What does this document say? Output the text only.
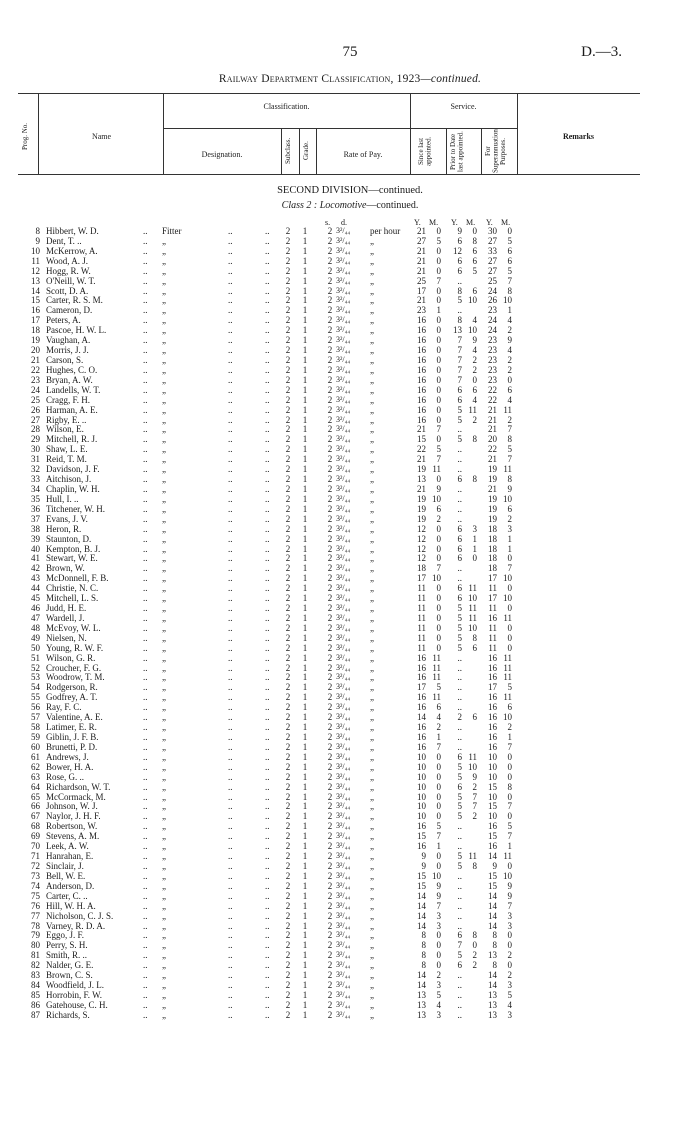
75	D.—3.
Railway Department Classification, 1923—continued.
Prog. No.	Name
Classification.
Designation.	Subclass.	Grade.	Rate of Pay.
Service.
Since last appointed.	Prior to Date last appointed.	For Superannuation Purposes.
Remarks
SECOND DIVISION—continued.
Class 2 : Locomotive—continued.
s. d.	Y. M. Y. M. Y. M.
8 Hibbert, W. D.	.. Fitter	..	..	2	1	2 3²/₄₄ per hour	21	0	9	0	30	0
9 Dent, T. ..	.. „	..	..	2	1	2 3²/₄₄ „	27	5	6	8	27	5
10 McKerrow, A.	.. „	..	..	2	1	2 3²/₄₄ „	21	0	12	6	33	6
11 Wood, A. J.	.. „	..	..	2	1	2 3²/₄₄ „	21	0	6	6	27	6
12 Hogg, R. W.	.. „	..	..	2	1	2 3²/₄₄ „	21	0	6	5	27	5
13 O'Neill, W. T.	.. „	..	..	2	1	2 3²/₄₄ „	25	7	..	25	7
14 Scott, D. A.	.. „	..	..	2	1	2 3²/₄₄ „	17	0	8	6	24	8
15 Carter, R. S. M.	.. „	..	..	2	1	2 3²/₄₄ „	21	0	5 10	26 10
16 Cameron, D.	.. „	..	..	2	1	2 3²/₄₄ „	23	1	..	23	1
17 Peters, A.	.. „	..	..	2	1	2 3²/₄₄ „	16	0	8	4	24	4
18 Pascoe, H. W. L.	.. „	..	..	2	1	2 3²/₄₄ „	16	0	13 10	24	2
19 Vaughan, A.	.. „	..	..	2	1	2 3²/₄₄ „	16	0	7	9	23	9
20 Morris, J. J.	.. „	..	..	2	1	2 3²/₄₄ „	16	0	7	4	23	4
21 Carson, S.	.. „	..	..	2	1	2 3²/₄₄ „	16	0	7	2	23	2
22 Hughes, C. O.	.. „	..	..	2	1	2 3²/₄₄ „	16	0	7	2	23	2
23 Bryan, A. W.	.. „	..	..	2	1	2 3²/₄₄ „	16	0	7	0	23	0
24 Landells, W. T.	.. „	..	..	2	1	2 3²/₄₄ „	16	0	6	6	22	6
25 Cragg, F. H.	.. „	..	..	2	1	2 3²/₄₄ „	16	0	6	4	22	4
26 Harman, A. E.	.. „	..	..	2	1	2 3²/₄₄ „	16	0	5 11	21 11
27 Rigby, E. ..	.. „	..	..	2	1	2 3²/₄₄ „	16	0	5	2	21	2
28 Wilson, E.	.. „	..	..	2	1	2 3²/₄₄ „	21	7	..	21	7
29 Mitchell, R. J.	.. „	..	..	2	1	2 3²/₄₄ „	15	0	5	8	20	8
30 Shaw, L. E.	.. „	..	..	2	1	2 3²/₄₄ „	22	5	..	22	5
31 Reid, T. M.	.. „	..	..	2	1	2 3²/₄₄ „	21	7	..	21	7
32 Davidson, J. F.	.. „	..	..	2	1	2 3²/₄₄ „	19 11	..	19 11
33 Aitchison, J.	.. „	..	..	2	1	2 3²/₄₄ „	13	0	6	8	19	8
34 Chaplin, W. H.	.. „	..	..	2	1	2 3²/₄₄ „	21	9	..	21	9
35 Hull, I. ..	.. „	..	..	2	1	2 3²/₄₄ „	19 10	..	19 10
36 Titchener, W. H.	.. „	..	..	2	1	2 3²/₄₄ „	19	6	..	19	6
37 Evans, J. V.	.. „	..	..	2	1	2 3²/₄₄ „	19	2	..	19	2
38 Heron, R.	.. „	..	..	2	1	2 3²/₄₄ „	12	0	6	3	18	3
39 Staunton, D.	.. „	..	..	2	1	2 3²/₄₄ „	12	0	6	1	18	1
40 Kempton, B. J.	.. „	..	..	2	1	2 3²/₄₄ „	12	0	6	1	18	1
41 Stewart, W. E.	.. „	..	..	2	1	2 3²/₄₄ „	12	0	6	0	18	0
42 Brown, W.	.. „	..	..	2	1	2 3²/₄₄ „	18	7	..	18	7
43 McDonnell, F. B.	.. „	..	..	2	1	2 3²/₄₄ „	17 10	..	17 10
44 Christie, N. C.	.. „	..	..	2	1	2 3²/₄₄ „	11	0	6 11	11	0
45 Mitchell, L. S.	.. „	..	..	2	1	2 3²/₄₄ „	11	0	6 10	17 10
46 Judd, H. E.	.. „	..	..	2	1	2 3²/₄₄ „	11	0	5 11	11	0
47 Wardell, J.	.. „	..	..	2	1	2 3²/₄₄ „	11	0	5 11	16 11
48 McEvoy, W. L.	.. „	..	..	2	1	2 3²/₄₄ „	11	0	5 10	11	0
49 Nielsen, N.	.. „	..	..	2	1	2 3²/₄₄ „	11	0	5	8	11	0
50 Young, R. W. F.	.. „	..	..	2	1	2 3²/₄₄ „	11	0	5	6	11	0
51 Wilson, G. R.	.. „	..	..	2	1	2 3²/₄₄ „	16 11	..	16 11
52 Croucher, F. G.	.. „	..	..	2	1	2 3²/₄₄ „	16 11	..	16 11
53 Woodrow, T. M.	.. „	..	..	2	1	2 3²/₄₄ „	16 11	..	16 11
54 Rodgerson, R.	.. „	..	..	2	1	2 3²/₄₄ „	17	5	..	17	5
55 Godfrey, A. T.	.. „	..	..	2	1	2 3²/₄₄ „	16 11	..	16 11
56 Ray, F. C.	.. „	..	..	2	1	2 3²/₄₄ „	16	6	..	16	6
57 Valentine, A. E.	.. „	..	..	2	1	2 3²/₄₄ „	14	4	2	6	16 10
58 Latimer, E. R.	.. „	..	..	2	1	2 3²/₄₄ „	16	2	..	16	2
59 Giblin, J. F. B.	.. „	..	..	2	1	2 3²/₄₄ „	16	1	..	16	1
60 Brunetti, P. D.	.. „	..	..	2	1	2 3²/₄₄ „	16	7	..	16	7
61 Andrews, J.	.. „	..	..	2	1	2 3²/₄₄ „	10	0	6 11	10	0
62 Bower, H. A.	.. „	..	..	2	1	2 3²/₄₄ „	10	0	5 10	10	0
63 Rose, G. ..	.. „	..	..	2	1	2 3²/₄₄ „	10	0	5	9	10	0
64 Richardson, W. T.	.. „	..	..	2	1	2 3²/₄₄ „	10	0	6	2	15	8
65 McCormack, M.	.. „	..	..	2	1	2 3²/₄₄ „	10	0	5	7	10	0
66 Johnson, W. J.	.. „	..	..	2	1	2 3²/₄₄ „	10	0	5	7	15	7
67 Naylor, J. H. F.	.. „	..	..	2	1	2 3²/₄₄ „	10	0	5	2	10	0
68 Robertson, W.	.. „	..	..	2	1	2 3²/₄₄ „	16	5	..	16	5
69 Stevens, A. M.	.. „	..	..	2	1	2 3²/₄₄ „	15	7	..	15	7
70 Leek, A. W.	.. „	..	..	2	1	2 3²/₄₄ „	16	1	..	16	1
71 Hanrahan, E.	.. „	..	..	2	1	2 3²/₄₄ „	9	0	5 11	14 11
72 Sinclair, J.	.. „	..	..	2	1	2 3²/₄₄ „	9	0	5	8	9	0
73 Bell, W. E.	.. „	..	..	2	1	2 3²/₄₄ „	15 10	..	15 10
74 Anderson, D.	.. „	..	..	2	1	2 3²/₄₄ „	15	9	..	15	9
75 Carter, C. ..	.. „	..	..	2	1	2 3²/₄₄ „	14	9	..	14	9
76 Hill, W. H. A.	.. „	..	..	2	1	2 3²/₄₄ „	14	7	..	14	7
77 Nicholson, C. J. S.	.. „	..	..	2	1	2 3²/₄₄ „	14	3	..	14	3
78 Varney, R. D. A.	.. „	..	..	2	1	2 3²/₄₄ „	14	3	..	14	3
79 Eggo, J. F.	.. „	..	..	2	1	2 3²/₄₄ „	8	0	6	8	8	0
80 Perry, S. H.	.. „	..	..	2	1	2 3²/₄₄ „	8	0	7	0	8	0
81 Smith, R. ..	.. „	..	..	2	1	2 3²/₄₄ „	8	0	5	2	13	2
82 Nalder, G. E.	.. „	..	..	2	1	2 3²/₄₄ „	8	0	6	2	8	0
83 Brown, C. S.	.. „	..	..	2	1	2 3²/₄₄ „	14	2	..	14	2
84 Woodfield, J. L.	.. „	..	..	2	1	2 3²/₄₄ „	14	3	..	14	3
85 Horrobin, F. W.	.. „	..	..	2	1	2 3²/₄₄ „	13	5	..	13	5
86 Gatehouse, C. H.	.. „	..	..	2	1	2 3²/₄₄ „	13	4	..	13	4
87 Richards, S.	.. „	..	..	2	1	2 3²/₄₄ „	13	3	..	13	3
